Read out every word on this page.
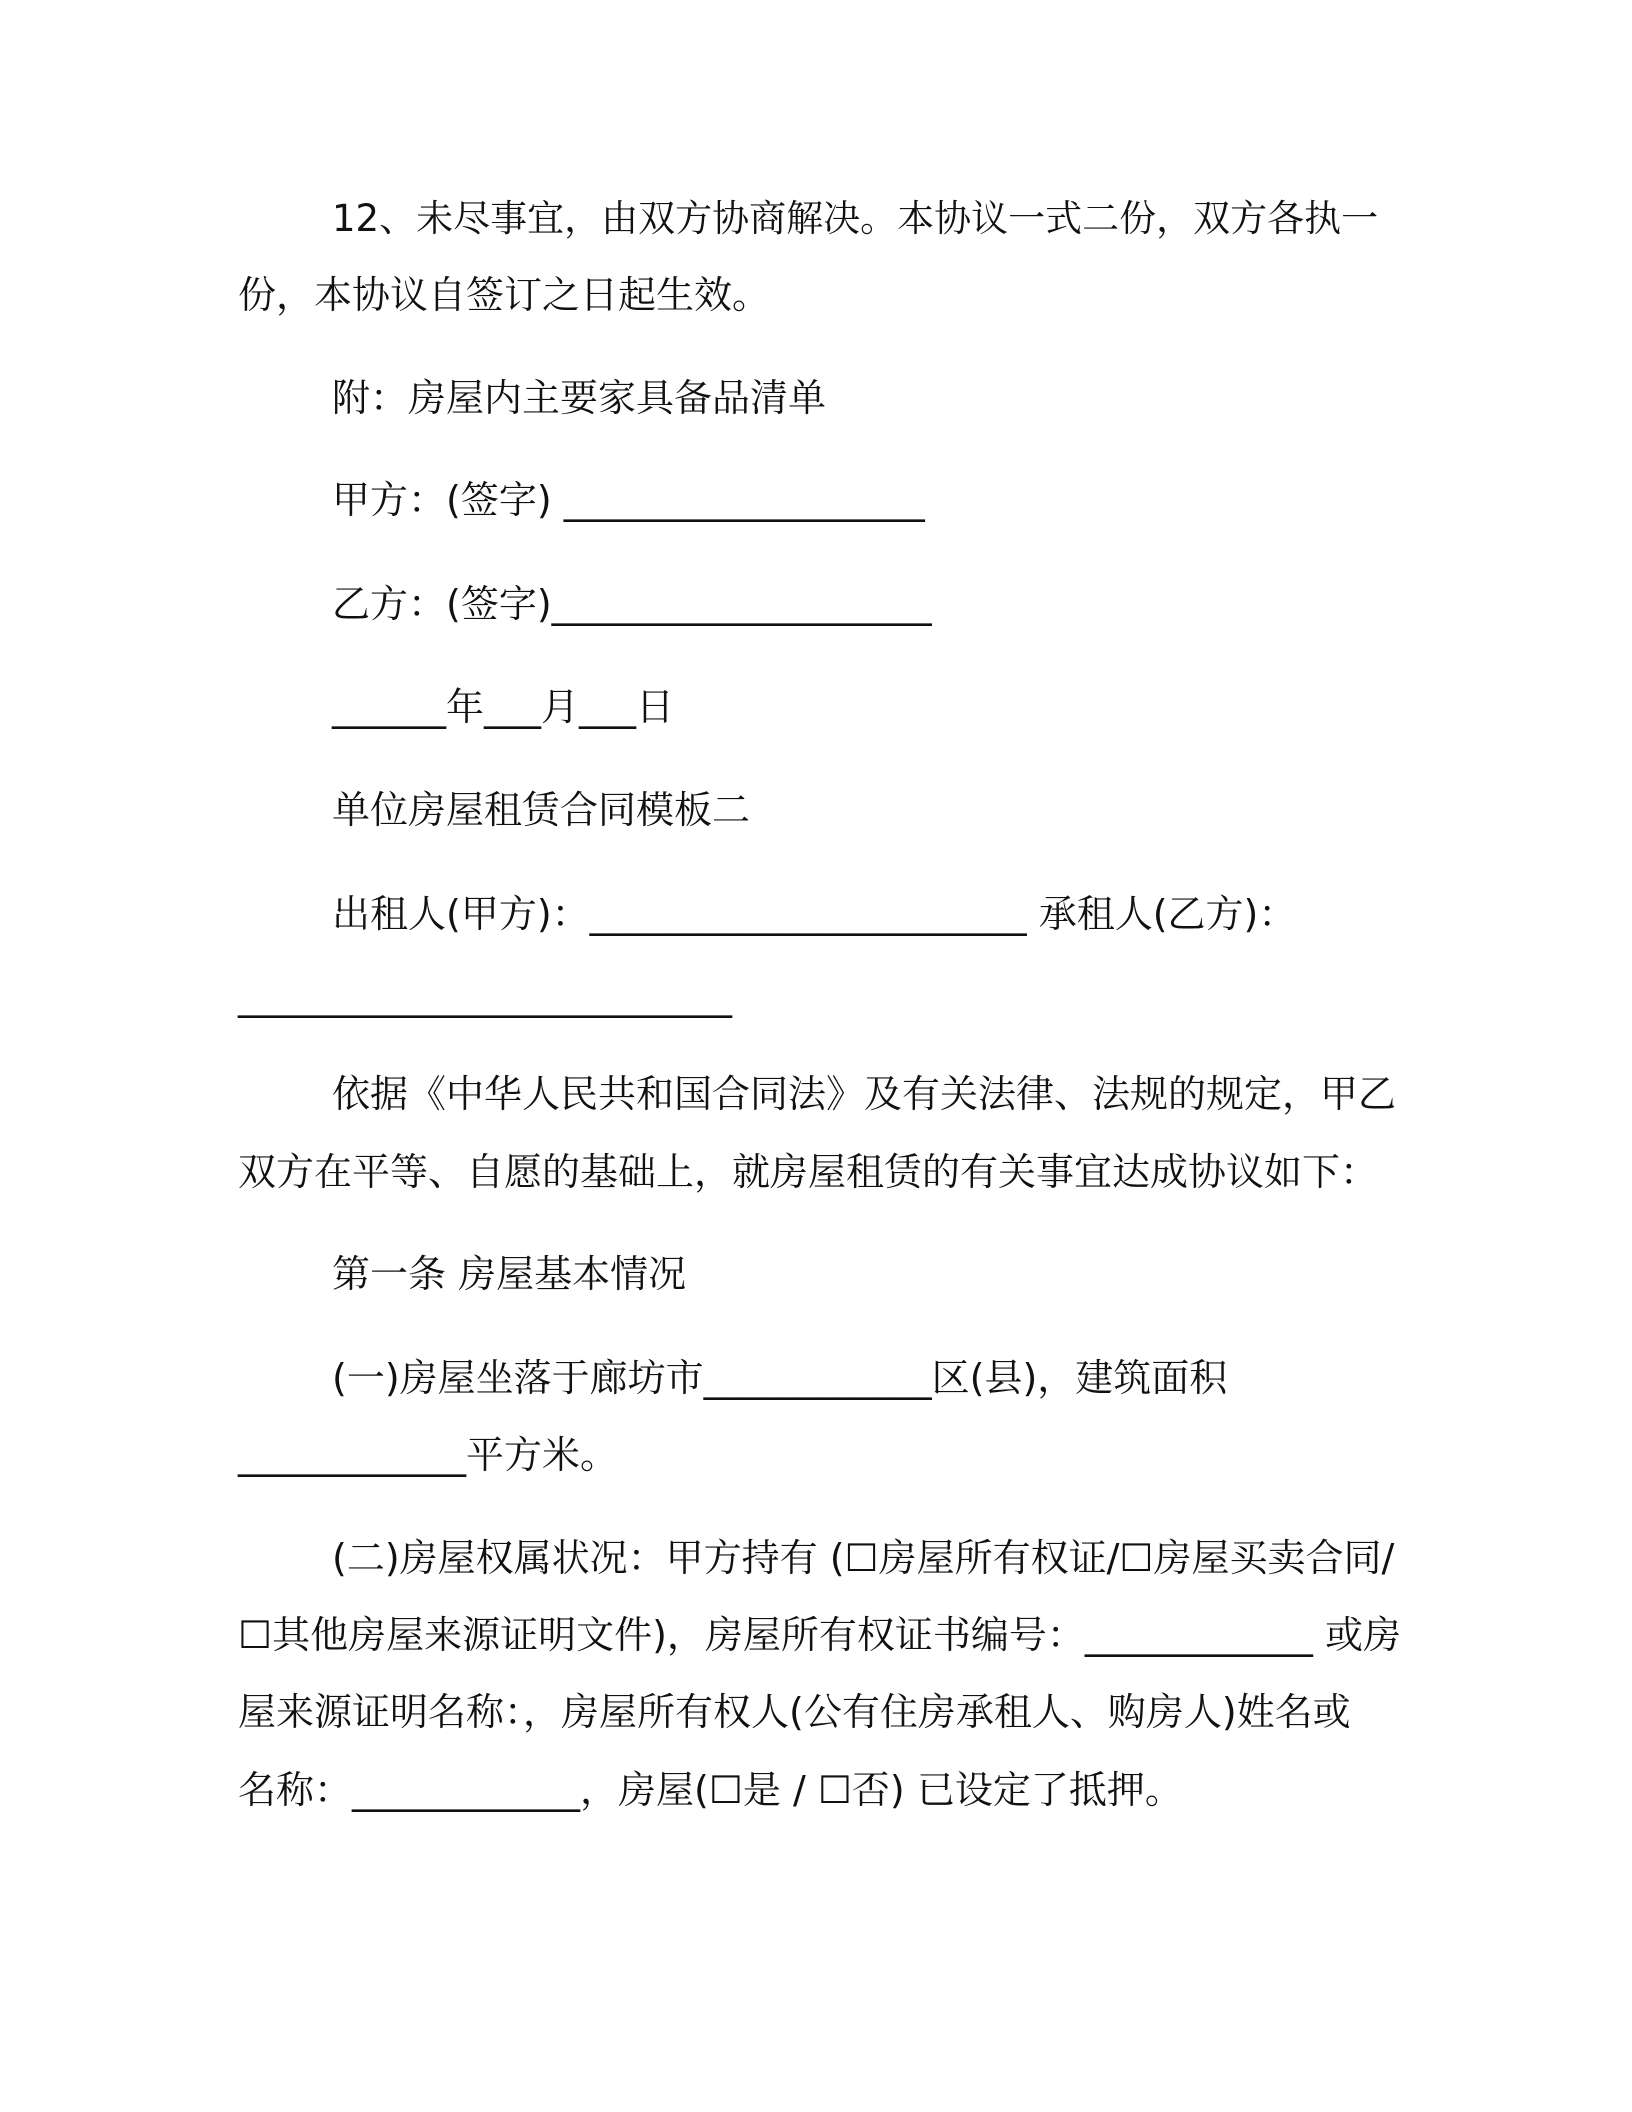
12、未尽事宜，由双方协商解决。本协议一式二份，双方各执一
份，本协议自签订之日起生效。
附：房屋内主要家具备品清单
甲方：(签字) ___________________
乙方：(签字)____________________
______年___月___日
单位房屋租赁合同模板二
出租人(甲方)：_______________________ 承租人(乙方)：
__________________________
依据《中华人民共和国合同法》及有关法律、法规的规定，甲乙
双方在平等、自愿的基础上，就房屋租赁的有关事宜达成协议如下：
第一条 房屋基本情况
(一)房屋坐落于廊坊市____________区(县)，建筑面积
____________平方米。
(二)房屋权属状况：甲方持有 (☐房屋所有权证/☐房屋买卖合同/
☐其他房屋来源证明文件)，房屋所有权证书编号：____________ 或房
屋来源证明名称：，房屋所有权人(公有住房承租人、购房人)姓名或
名称：____________，房屋(☐是 / ☐否) 已设定了抵押。
